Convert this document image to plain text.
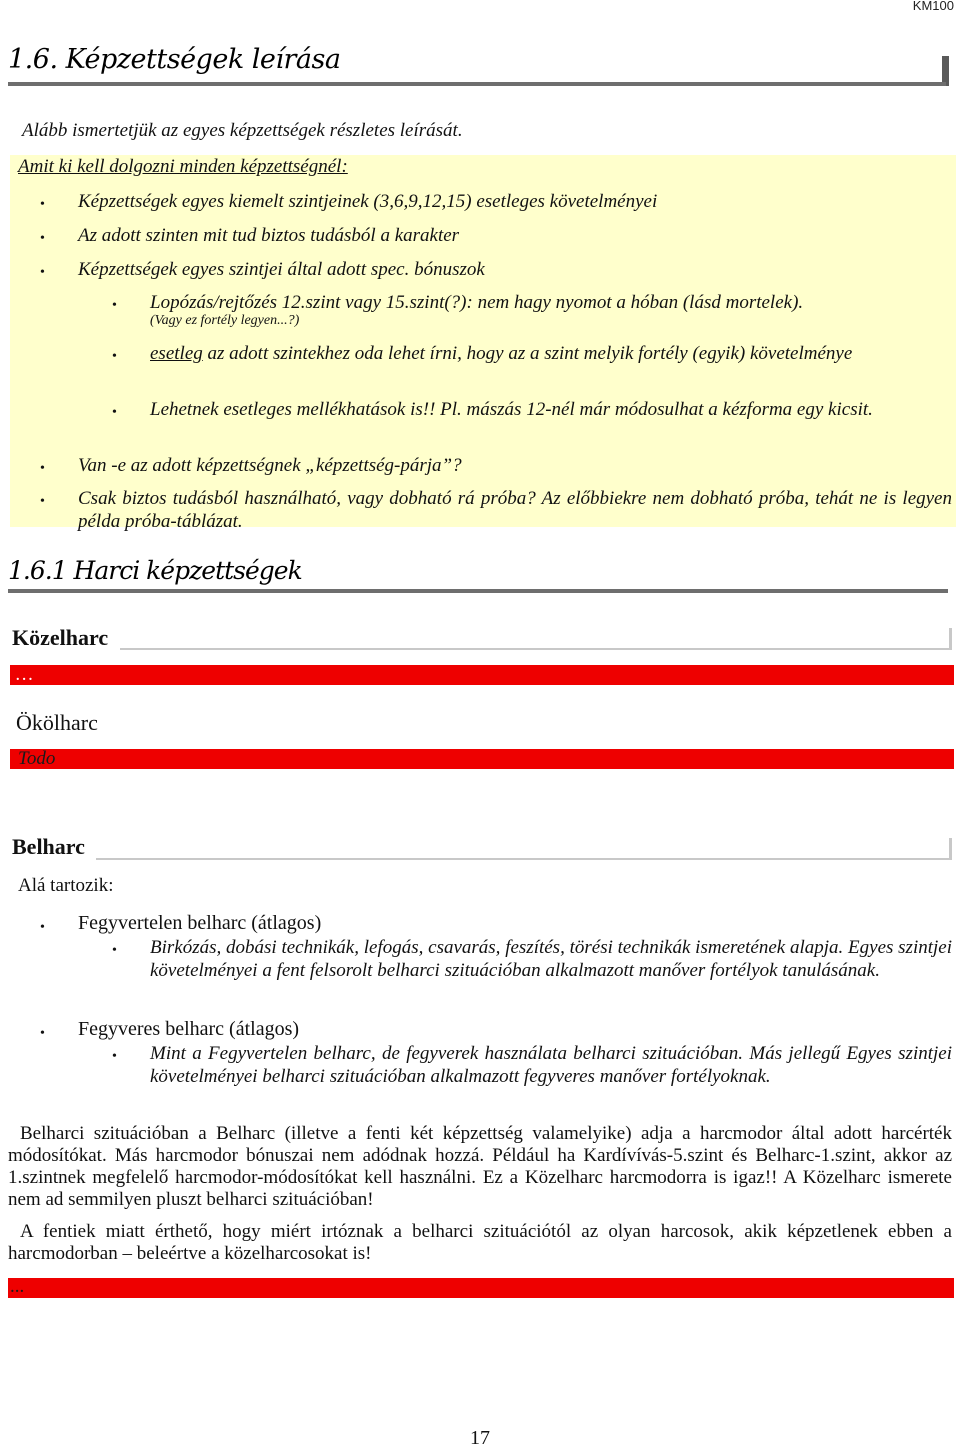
KM100
1.6. Képzettségek leírása
Alább ismertetjük az egyes képzettségek részletes leírását.
Amit ki kell dolgozni minden képzettségnél:
• Képzettségek egyes kiemelt szintjeinek (3,6,9,12,15) esetleges követelményei
• Az adott szinten mit tud biztos tudásból a karakter
• Képzettségek egyes szintjei által adott spec. bónuszok
• Lopózás/rejtőzés 12.szint vagy 15.szint(?): nem hagy nyomot a hóban (lásd mortelek).
(Vagy ez fortély legyen...?)
• esetleg az adott szintekhez oda lehet írni, hogy az a szint melyik fortély (egyik) követelménye
• Lehetnek esetleges mellékhatások is!! Pl. mászás 12-nél már módosulhat a kézforma egy kicsit.
• Van -e az adott képzettségnek „képzettség-párja”?
• Csak biztos tudásból használható, vagy dobható rá próba? Az előbbiekre nem dobható próba, tehát ne is legyen példa próba-táblázat.
1.6.1 Harci képzettségek
Közelharc
…
Ökölharc
Todo
Belharc
Alá tartozik:
• Fegyvertelen belharc (átlagos)
• Birkózás, dobási technikák, lefogás, csavarás, feszítés, törési technikák ismeretének alapja. Egyes szintjei követelményei a fent felsorolt belharci szituációban alkalmazott manőver fortélyok tanulásának.
• Fegyveres belharc (átlagos)
• Mint a Fegyvertelen belharc, de fegyverek használata belharci szituációban. Más jellegű Egyes szintjei követelményei belharci szituációban alkalmazott fegyveres manőver fortélyoknak.
Belharci szituációban a Belharc (illetve a fenti két képzettség valamelyike) adja a harcmodor által adott harcérték módosítókat. Más harcmodor bónuszai nem adódnak hozzá. Például ha Kardívívás-5.szint és Belharc-1.szint, akkor az 1.szintnek megfelelő harcmodor-módosítókat kell használni. Ez a Közelharc harcmodorra is igaz!! A Közelharc ismerete nem ad semmilyen pluszt belharci szituációban!
A fentiek miatt érthető, hogy miért irtóznak a belharci szituációtól az olyan harcosok, akik képzetlenek ebben a harcmodorban – beleértve a közelharcosokat is!
...
17
